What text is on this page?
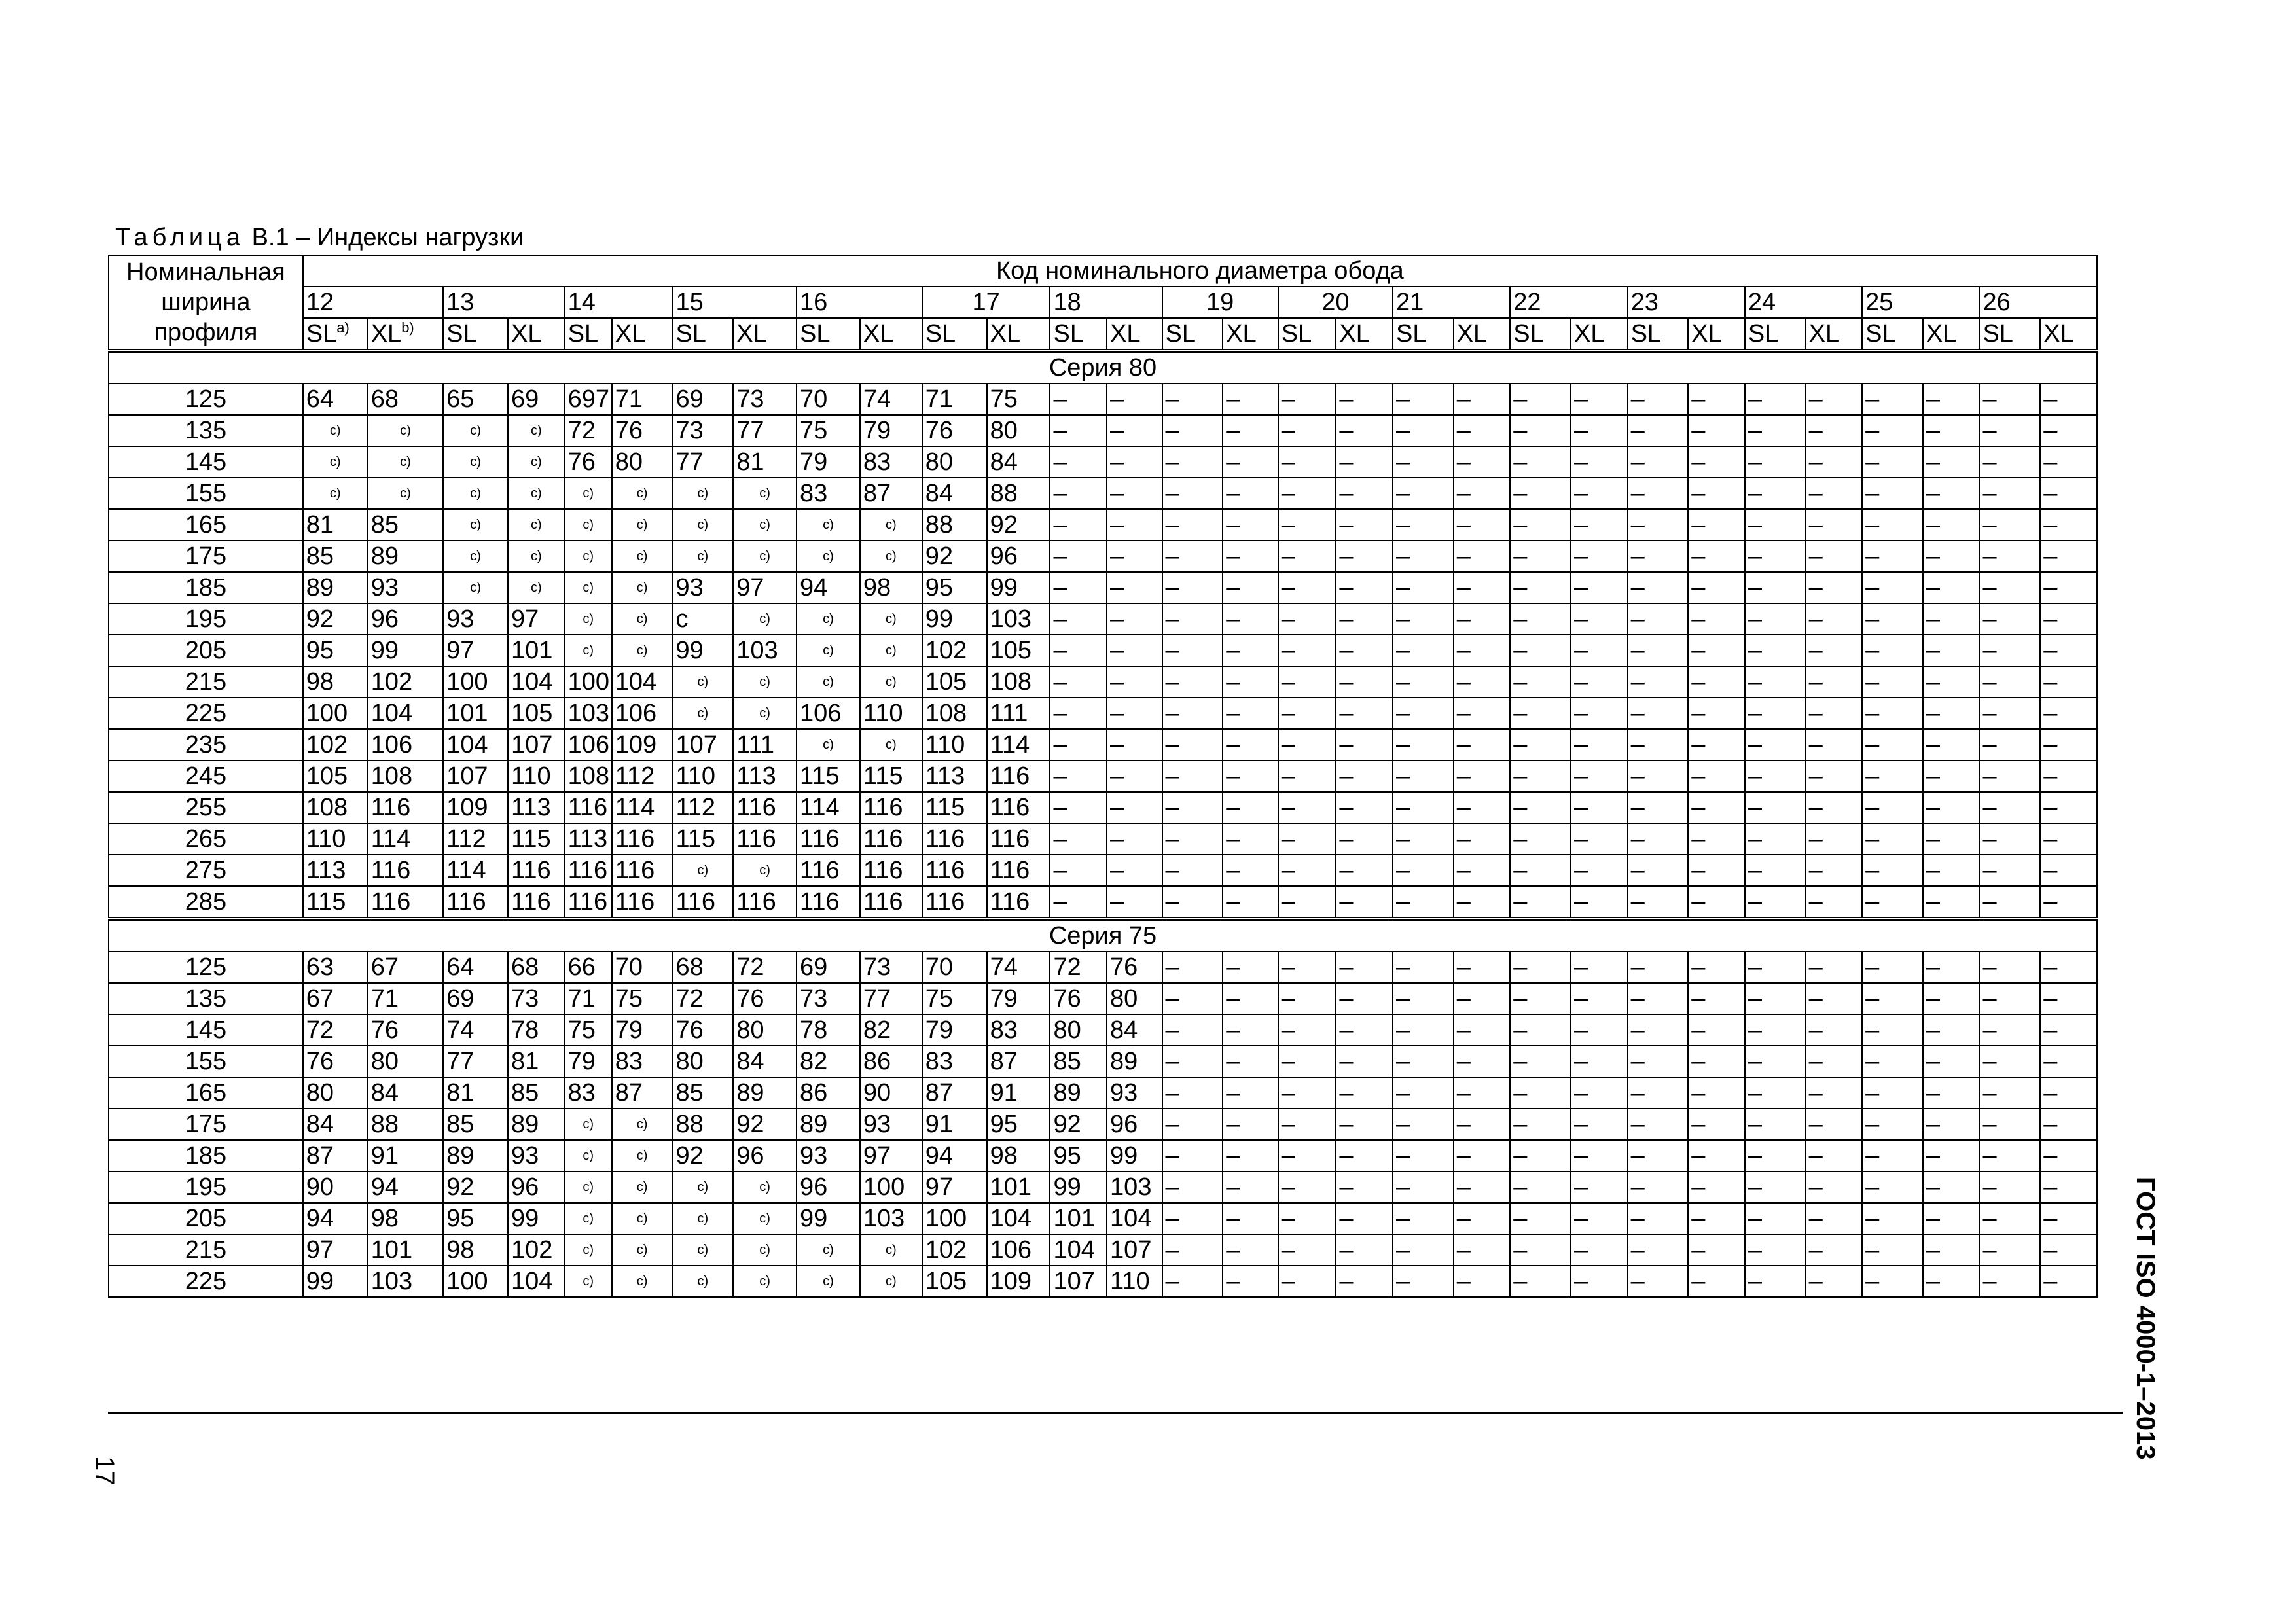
Таблица В.1 – Индексы нагрузки
Номинальная ширина профиля	Код номинального диаметра обода																													
	12		13		14		15		16		17		18		19		20		21		22		23		24		25		26	
	SL$^{a)}$	XL$^{b)}$	SL	XL	SL	XL	SL	XL	SL	XL	SL	XL	SL	XL	SL	XL	SL	XL	SL	XL	SL	XL	SL	XL	SL	XL	SL	XL	SL	XL
Серия 80																														
125	64	68	65	69	697	71	69	73	70	74	71	75	–	–	–	–	–	–	–	–	–	–	–	–	–	–	–	–	–	–
135	c)	c)	c)	c)	72	76	73	77	75	79	76	80	–	–	–	–	–	–	–	–	–	–	–	–	–	–	–	–	–	–
145	c)	c)	c)	c)	76	80	77	81	79	83	80	84	–	–	–	–	–	–	–	–	–	–	–	–	–	–	–	–	–	–
155	c)	c)	c)	c)	c)	c)	c)	c)	83	87	84	88	–	–	–	–	–	–	–	–	–	–	–	–	–	–	–	–	–	–
165	81	85	c)	c)	c)	c)	c)	c)	c)	c)	88	92	–	–	–	–	–	–	–	–	–	–	–	–	–	–	–	–	–	–
175	85	89	c)	c)	c)	c)	c)	c)	c)	c)	92	96	–	–	–	–	–	–	–	–	–	–	–	–	–	–	–	–	–	–
185	89	93	c)	c)	c)	c)	93	97	94	98	95	99	–	–	–	–	–	–	–	–	–	–	–	–	–	–	–	–	–	–
195	92	96	93	97	c)	c)	c	c)	c)	c)	99	103	–	–	–	–	–	–	–	–	–	–	–	–	–	–	–	–	–	–
205	95	99	97	101	c)	c)	99	103	c)	c)	102	105	–	–	–	–	–	–	–	–	–	–	–	–	–	–	–	–	–	–
215	98	102	100	104	100	104	c)	c)	c)	c)	105	108	–	–	–	–	–	–	–	–	–	–	–	–	–	–	–	–	–	–
225	100	104	101	105	103	106	c)	c)	106	110	108	111	–	–	–	–	–	–	–	–	–	–	–	–	–	–	–	–	–	–
235	102	106	104	107	106	109	107	111	c)	c)	110	114	–	–	–	–	–	–	–	–	–	–	–	–	–	–	–	–	–	–
245	105	108	107	110	108	112	110	113	115	115	113	116	–	–	–	–	–	–	–	–	–	–	–	–	–	–	–	–	–	–
255	108	116	109	113	116	114	112	116	114	116	115	116	–	–	–	–	–	–	–	–	–	–	–	–	–	–	–	–	–	–
265	110	114	112	115	113	116	115	116	116	116	116	116	–	–	–	–	–	–	–	–	–	–	–	–	–	–	–	–	–	–
275	113	116	114	116	116	116	c)	c)	116	116	116	116	–	–	–	–	–	–	–	–	–	–	–	–	–	–	–	–	–	–
285	115	116	116	116	116	116	116	116	116	116	116	116	–	–	–	–	–	–	–	–	–	–	–	–	–	–	–	–	–	–
Серия 75																														
125	63	67	64	68	66	70	68	72	69	73	70	74	72	76	–	–	–	–	–	–	–	–	–	–	–	–	–	–	–	–
135	67	71	69	73	71	75	72	76	73	77	75	79	76	80	–	–	–	–	–	–	–	–	–	–	–	–	–	–	–	–
145	72	76	74	78	75	79	76	80	78	82	79	83	80	84	–	–	–	–	–	–	–	–	–	–	–	–	–	–	–	–
155	76	80	77	81	79	83	80	84	82	86	83	87	85	89	–	–	–	–	–	–	–	–	–	–	–	–	–	–	–	–
165	80	84	81	85	83	87	85	89	86	90	87	91	89	93	–	–	–	–	–	–	–	–	–	–	–	–	–	–	–	–
175	84	88	85	89	c)	c)	88	92	89	93	91	95	92	96	–	–	–	–	–	–	–	–	–	–	–	–	–	–	–	–
185	87	91	89	93	c)	c)	92	96	93	97	94	98	95	99	–	–	–	–	–	–	–	–	–	–	–	–	–	–	–	–
195	90	94	92	96	c)	c)	c)	c)	96	100	97	101	99	103	–	–	–	–	–	–	–	–	–	–	–	–	–	–	–	–
205	94	98	95	99	c)	c)	c)	c)	99	103	100	104	101	104	–	–	–	–	–	–	–	–	–	–	–	–	–	–	–	–
215	97	101	98	102	c)	c)	c)	c)	c)	c)	102	106	104	107	–	–	–	–	–	–	–	–	–	–	–	–	–	–	–	–
225	99	103	100	104	c)	c)	c)	c)	c)	c)	105	109	107	110	–	–	–	–	–	–	–	–	–	–	–	–	–	–	–	–
17
ГОСТ ISO 4000-1–2013
